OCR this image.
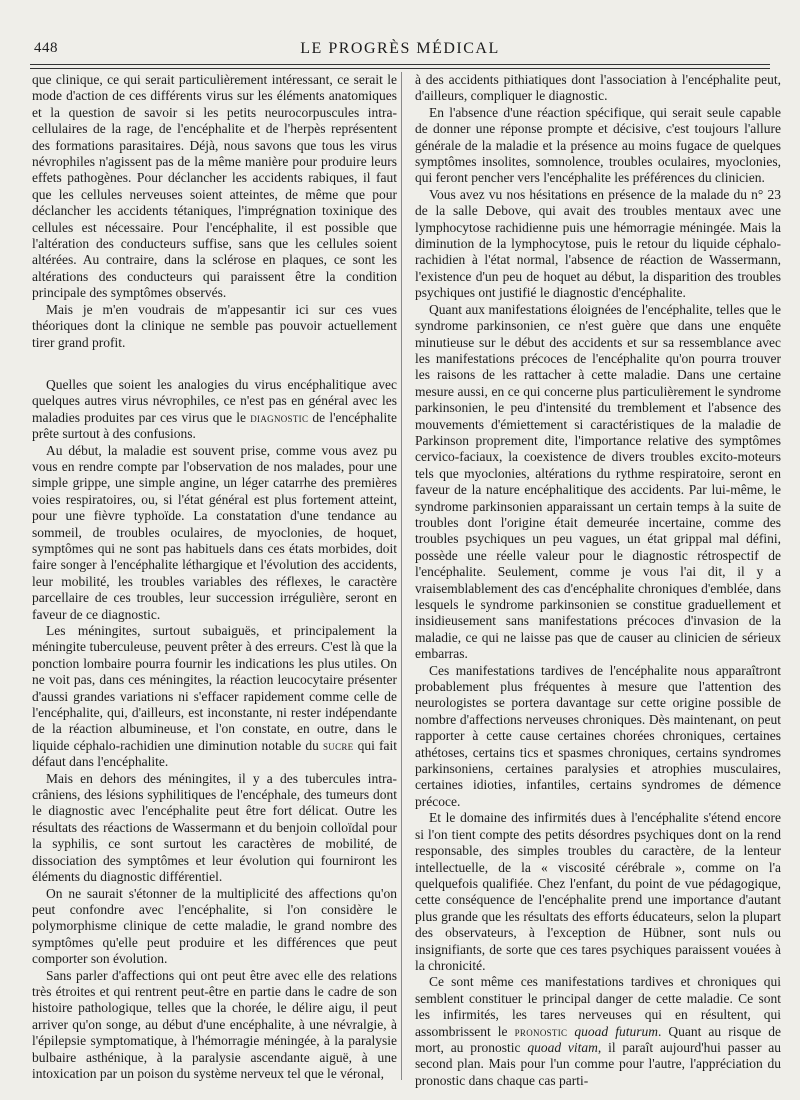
448	LE PROGRÈS MÉDICAL

que clinique, ce qui serait particulièrement intéressant, ce serait le mode d'action de ces différents virus sur les éléments anatomiques et la question de savoir si les petits neurocorpuscules intra-cellulaires de la rage, de l'encéphalite et de l'herpès représentent des formations parasitaires. Déjà, nous savons que tous les virus névrophiles n'agissent pas de la même manière pour produire leurs effets pathogènes. Pour déclancher les accidents rabiques, il faut que les cellules nerveuses soient atteintes, de même que pour déclancher les accidents tétaniques, l'imprégnation toxinique des cellules est nécessaire. Pour l'encéphalite, il est possible que l'altération des conducteurs suffise, sans que les cellules soient altérées. Au contraire, dans la sclérose en plaques, ce sont les altérations des conducteurs qui paraissent être la condition principale des symptômes observés.

Mais je m'en voudrais de m'appesantir ici sur ces vues théoriques dont la clinique ne semble pas pouvoir actuellement tirer grand profit.

Quelles que soient les analogies du virus encéphalitique avec quelques autres virus névrophiles, ce n'est pas en général avec les maladies produites par ces virus que le diagnostic de l'encéphalite prête surtout à des confusions.

Au début, la maladie est souvent prise, comme vous avez pu vous en rendre compte par l'observation de nos malades, pour une simple grippe, une simple angine, un léger catarrhe des premières voies respiratoires, ou, si l'état général est plus fortement atteint, pour une fièvre typhoïde. La constatation d'une tendance au sommeil, de troubles oculaires, de myoclonies, de hoquet, symptômes qui ne sont pas habituels dans ces états morbides, doit faire songer à l'encéphalite léthargique et l'évolution des accidents, leur mobilité, les troubles variables des réflexes, le caractère parcellaire de ces troubles, leur succession irrégulière, seront en faveur de ce diagnostic.

Les méningites, surtout subaiguës, et principalement la méningite tuberculeuse, peuvent prêter à des erreurs. C'est là que la ponction lombaire pourra fournir les indications les plus utiles. On ne voit pas, dans ces méningites, la réaction leucocytaire présenter d'aussi grandes variations ni s'effacer rapidement comme celle de l'encéphalite, qui, d'ailleurs, est inconstante, ni rester indépendante de la réaction albumineuse, et l'on constate, en outre, dans le liquide céphalo-rachidien une diminution notable du sucre qui fait défaut dans l'encéphalite.

Mais en dehors des méningites, il y a des tubercules intra-crâniens, des lésions syphilitiques de l'encéphale, des tumeurs dont le diagnostic avec l'encéphalite peut être fort délicat. Outre les résultats des réactions de Wassermann et du benjoin colloïdal pour la syphilis, ce sont surtout les caractères de mobilité, de dissociation des symptômes et leur évolution qui fourniront les éléments du diagnostic différentiel.

On ne saurait s'étonner de la multiplicité des affections qu'on peut confondre avec l'encéphalite, si l'on considère le polymorphisme clinique de cette maladie, le grand nombre des symptômes qu'elle peut produire et les différences que peut comporter son évolution.

Sans parler d'affections qui ont peut être avec elle des relations très étroites et qui rentrent peut-être en partie dans le cadre de son histoire pathologique, telles que la chorée, le délire aigu, il peut arriver qu'on songe, au début d'une encéphalite, à une névralgie, à l'épilepsie symptomatique, à l'hémorragie méningée, à la paralysie bulbaire asthénique, à la paralysie ascendante aiguë, à une intoxication par un poison du système nerveux tel que le véronal,

à des accidents pithiatiques dont l'association à l'encéphalite peut, d'ailleurs, compliquer le diagnostic.

En l'absence d'une réaction spécifique, qui serait seule capable de donner une réponse prompte et décisive, c'est toujours l'allure générale de la maladie et la présence au moins fugace de quelques symptômes insolites, somnolence, troubles oculaires, myoclonies, qui feront pencher vers l'encéphalite les préférences du clinicien.

Vous avez vu nos hésitations en présence de la malade du n° 23 de la salle Debove, qui avait des troubles mentaux avec une lymphocytose rachidienne puis une hémorragie méningée. Mais la diminution de la lymphocytose, puis le retour du liquide céphalo-rachidien à l'état normal, l'absence de réaction de Wassermann, l'existence d'un peu de hoquet au début, la disparition des troubles psychiques ont justifié le diagnostic d'encéphalite.

Quant aux manifestations éloignées de l'encéphalite, telles que le syndrome parkinsonien, ce n'est guère que dans une enquête minutieuse sur le début des accidents et sur sa ressemblance avec les manifestations précoces de l'encéphalite qu'on pourra trouver les raisons de les rattacher à cette maladie. Dans une certaine mesure aussi, en ce qui concerne plus particulièrement le syndrome parkinsonien, le peu d'intensité du tremblement et l'absence des mouvements d'émiettement si caractéristiques de la maladie de Parkinson proprement dite, l'importance relative des symptômes cervico-faciaux, la coexistence de divers troubles excito-moteurs tels que myoclonies, altérations du rythme respiratoire, seront en faveur de la nature encéphalitique des accidents. Par lui-même, le syndrome parkinsonien apparaissant un certain temps à la suite de troubles dont l'origine était demeurée incertaine, comme des troubles psychiques un peu vagues, un état grippal mal défini, possède une réelle valeur pour le diagnostic rétrospectif de l'encéphalite. Seulement, comme je vous l'ai dit, il y a vraisemblablement des cas d'encéphalite chroniques d'emblée, dans lesquels le syndrome parkinsonien se constitue graduellement et insidieusement sans manifestations précoces d'invasion de la maladie, ce qui ne laisse pas que de causer au clinicien de sérieux embarras.

Ces manifestations tardives de l'encéphalite nous apparaîtront probablement plus fréquentes à mesure que l'attention des neurologistes se portera davantage sur cette origine possible de nombre d'affections nerveuses chroniques. Dès maintenant, on peut rapporter à cette cause certaines chorées chroniques, certaines athétoses, certains tics et spasmes chroniques, certains syndromes parkinsoniens, certaines paralysies et atrophies musculaires, certaines idioties, infantiles, certains syndromes de démence précoce.

Et le domaine des infirmités dues à l'encéphalite s'étend encore si l'on tient compte des petits désordres psychiques dont on la rend responsable, des simples troubles du caractère, de la lenteur intellectuelle, de la « viscosité cérébrale », comme on l'a quelquefois qualifiée. Chez l'enfant, du point de vue pédagogique, cette conséquence de l'encéphalite prend une importance d'autant plus grande que les résultats des efforts éducateurs, selon la plupart des observateurs, à l'exception de Hübner, sont nuls ou insignifiants, de sorte que ces tares psychiques paraissent vouées à la chronicité.

Ce sont même ces manifestations tardives et chroniques qui semblent constituer le principal danger de cette maladie. Ce sont les infirmités, les tares nerveuses qui en résultent, qui assombrissent le pronostic quoad futurum. Quant au risque de mort, au pronostic quoad vitam, il paraît aujourd'hui passer au second plan. Mais pour l'un comme pour l'autre, l'appréciation du pronostic dans chaque cas parti-
